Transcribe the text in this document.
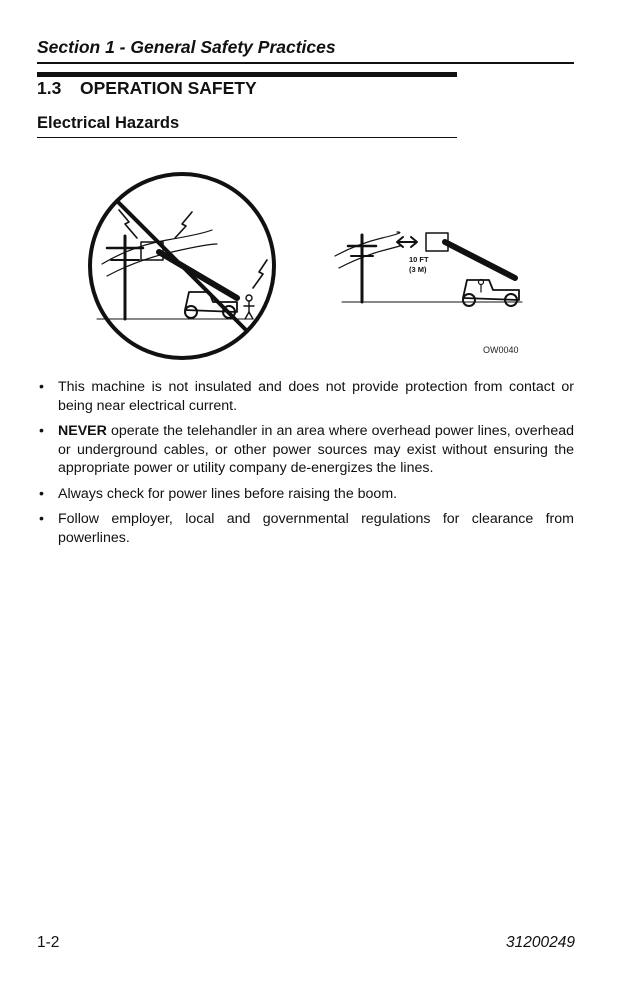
Section 1 - General Safety Practices
1.3 OPERATION SAFETY
Electrical Hazards
10 FT
(3 M)
OW0040
• This machine is not insulated and does not provide protection from contact or being near electrical current.
• NEVER operate the telehandler in an area where overhead power lines, overhead or underground cables, or other power sources may exist without ensuring the appropriate power or utility company de-energizes the lines.
• Always check for power lines before raising the boom.
• Follow employer, local and governmental regulations for clearance from powerlines.
1-2	31200249
